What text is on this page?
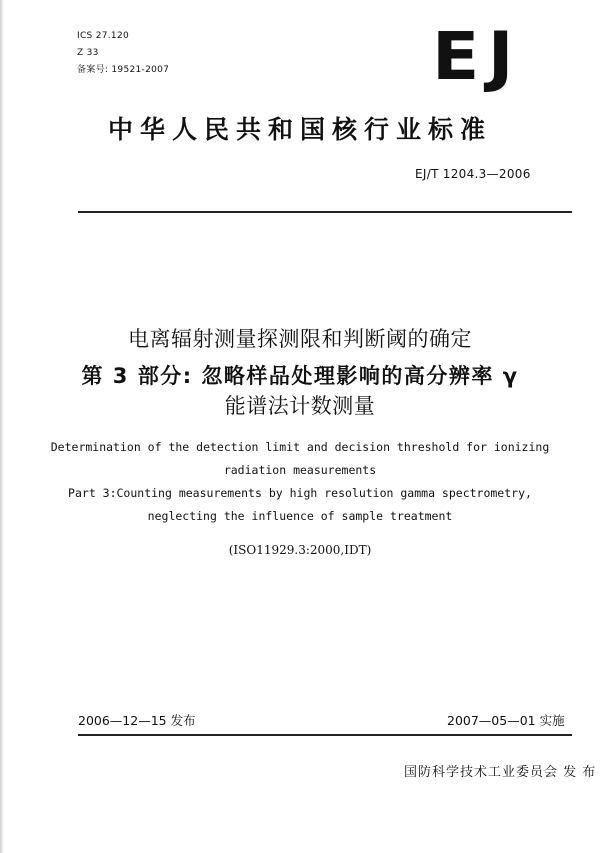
ICS 27.120
Z 33
备案号: 19521-2007	EJ
中华人民共和国核行业标准
EJ/T 1204.3—2006
电离辐射测量探测限和判断阈的确定
第 3 部分: 忽略样品处理影响的高分辨率 γ
能谱法计数测量
Determination of the detection limit and decision threshold for ionizing
radiation measurements
Part 3:Counting measurements by high resolution gamma spectrometry,
neglecting the influence of sample treatment
(ISO11929.3:2000,IDT)
2006—12—15 发布	2007—05—01 实施
国防科学技术工业委员会 发 布
